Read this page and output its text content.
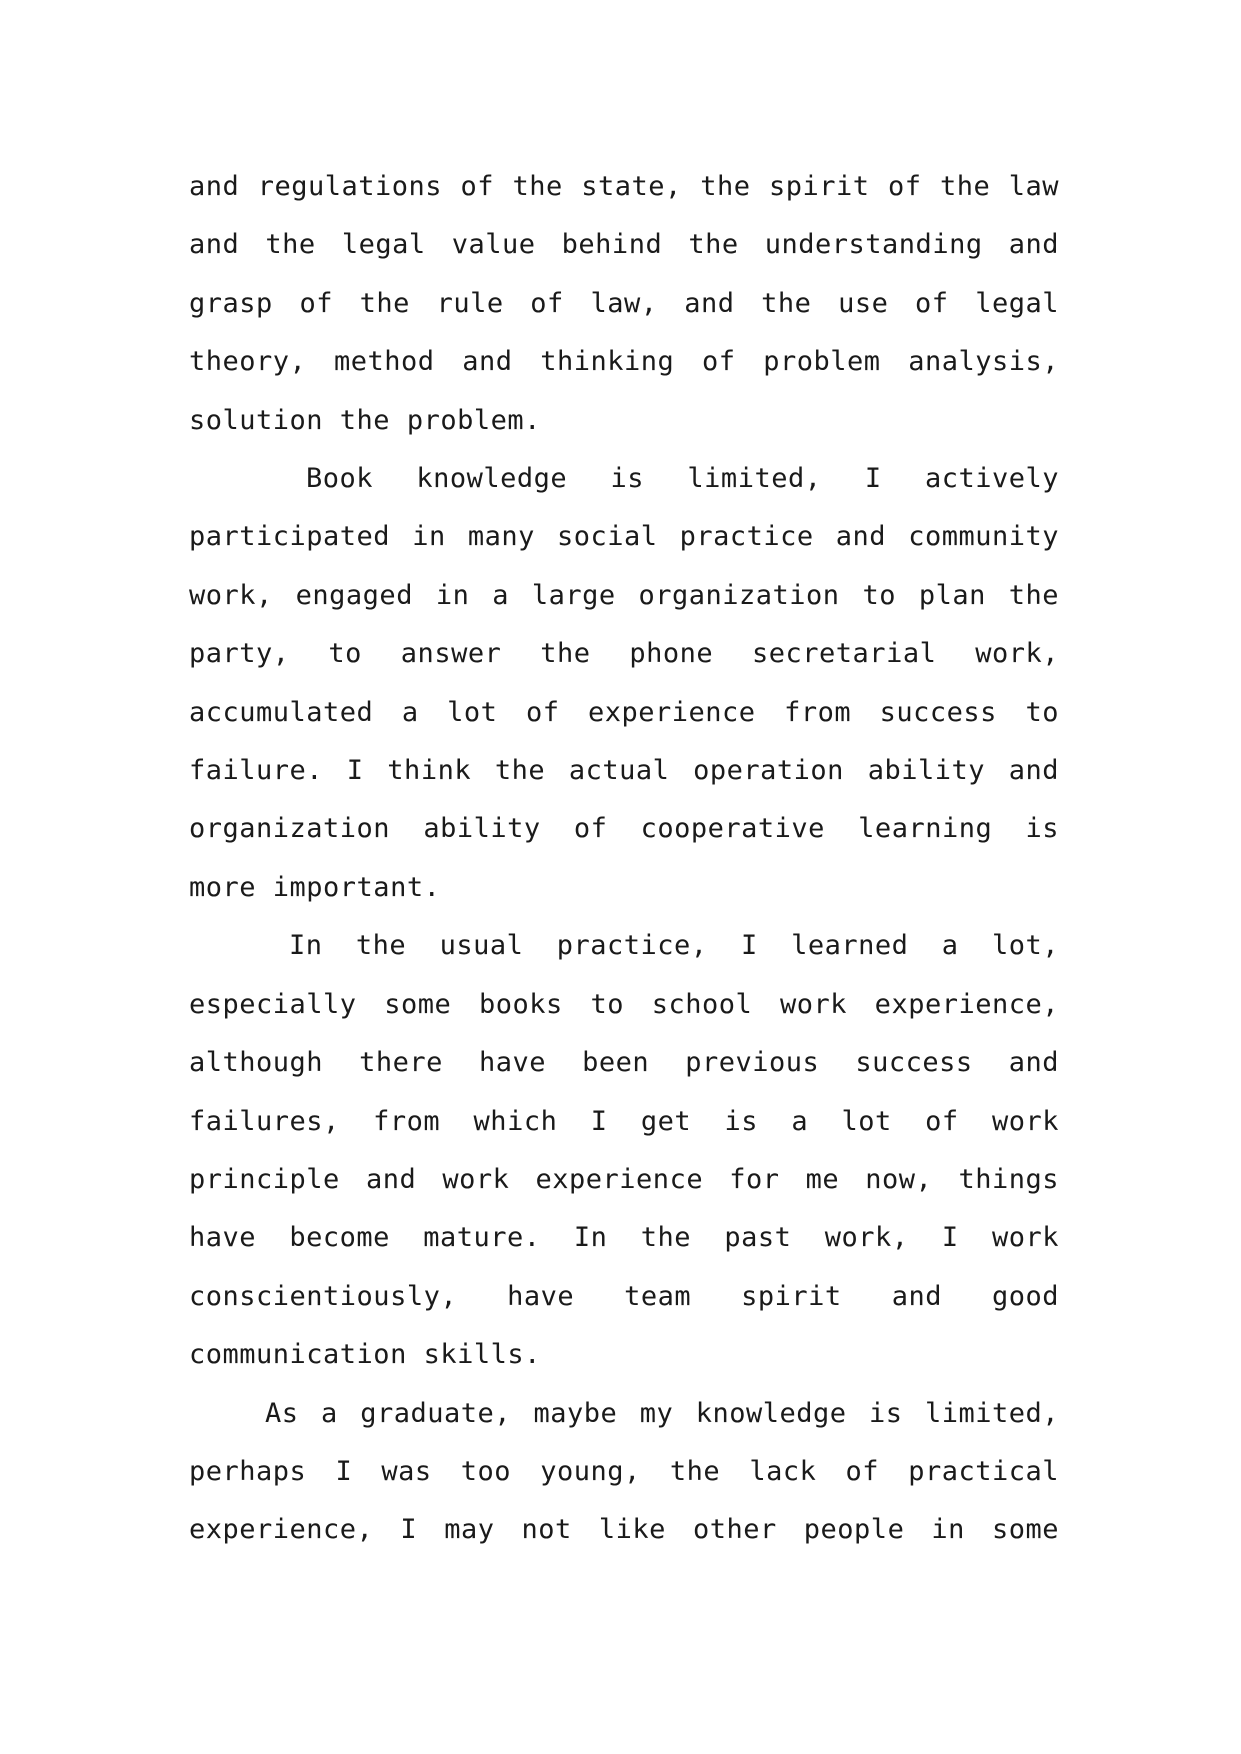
and regulations of the state, the spirit of the law and the legal value behind the understanding and grasp of the rule of law, and the use of legal theory, method and thinking of problem analysis, solution the problem.

Book knowledge is limited, I actively participated in many social practice and community work, engaged in a large organization to plan the party, to answer the phone secretarial work, accumulated a lot of experience from success to failure. I think the actual operation ability and organization ability of cooperative learning is more important.

In the usual practice, I learned a lot, especially some books to school work experience, although there have been previous success and failures, from which I get is a lot of work principle and work experience for me now, things have become mature. In the past work, I work conscientiously, have team spirit and good communication skills.

As a graduate, maybe my knowledge is limited, perhaps I was too young, the lack of practical experience, I may not like other people in some
